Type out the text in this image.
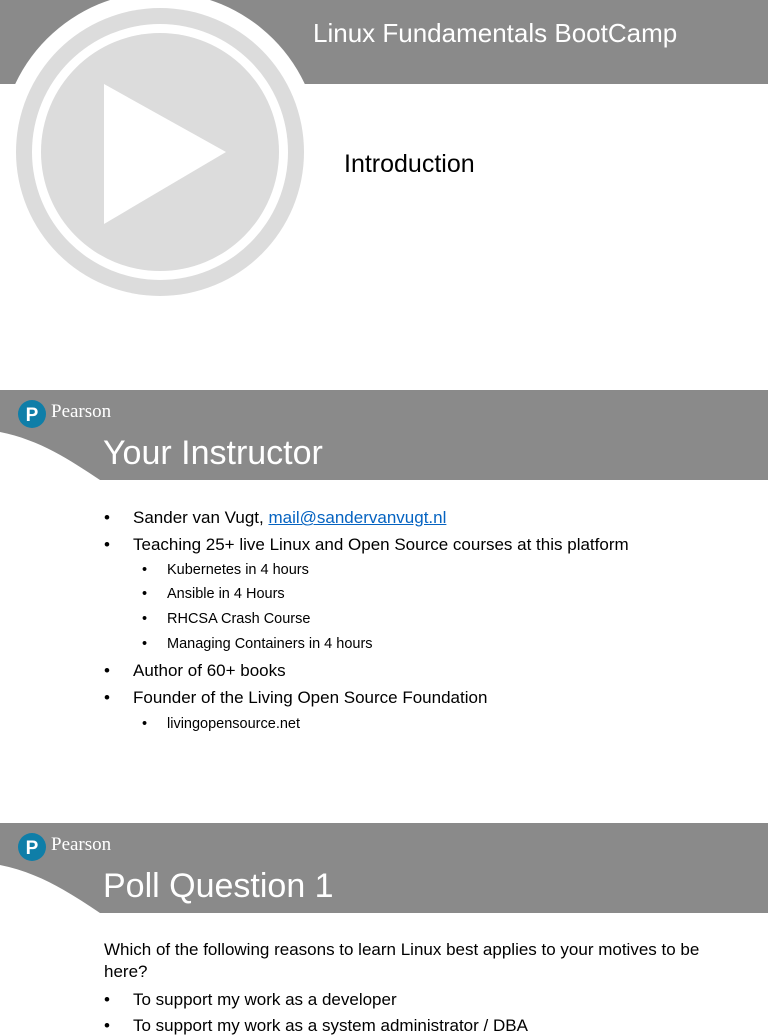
Linux Fundamentals BootCamp
Introduction
P Pearson
Your Instructor
• Sander van Vugt, mail@sandervanvugt.nl
• Teaching 25+ live Linux and Open Source courses at this platform
• Kubernetes in 4 hours
• Ansible in 4 Hours
• RHCSA Crash Course
• Managing Containers in 4 hours
• Author of 60+ books
• Founder of the Living Open Source Foundation
• livingopensource.net
P Pearson
Poll Question 1
Which of the following reasons to learn Linux best applies to your motives to be here?
• To support my work as a developer
• To support my work as a system administrator / DBA
